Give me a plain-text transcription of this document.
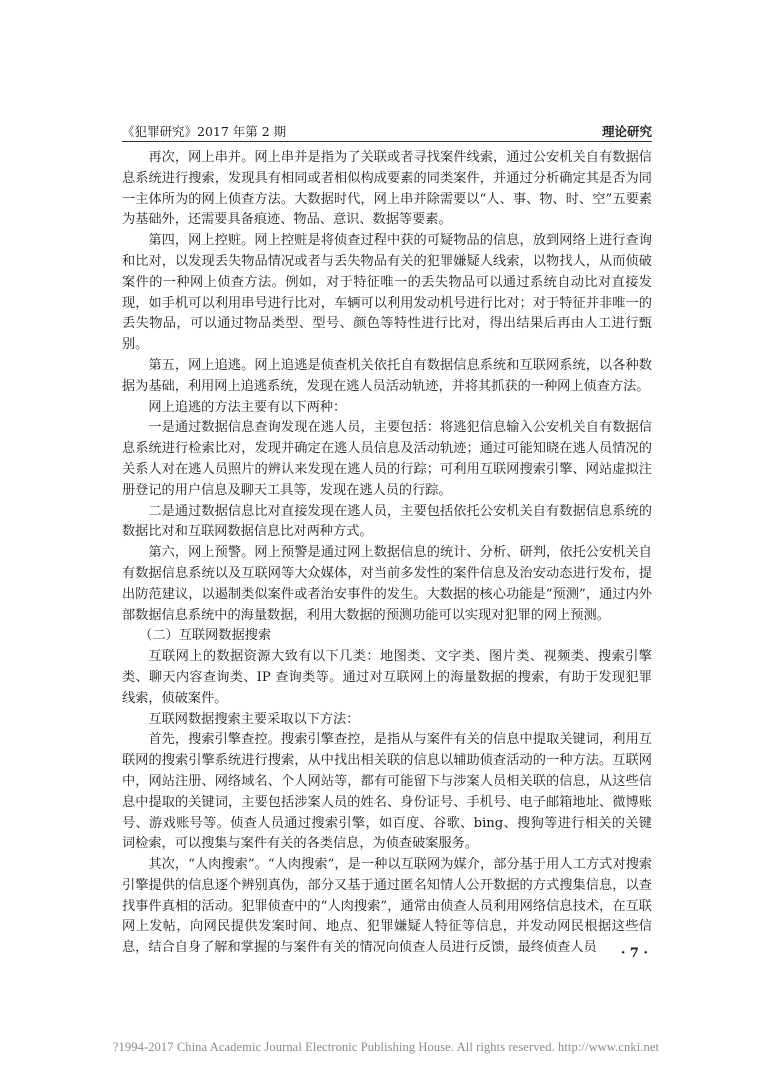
《犯罪研究》2017 年第 2 期	理论研究

再次，网上串并。网上串并是指为了关联或者寻找案件线索，通过公安机关自有数据信息系统进行搜索，发现具有相同或者相似构成要素的同类案件，并通过分析确定其是否为同一主体所为的网上侦查方法。大数据时代，网上串并除需要以“人、事、物、时、空”五要素为基础外，还需要具备痕迹、物品、意识、数据等要素。

第四，网上控赃。网上控赃是将侦查过程中获的可疑物品的信息，放到网络上进行查询和比对，以发现丢失物品情况或者与丢失物品有关的犯罪嫌疑人线索，以物找人，从而侦破案件的一种网上侦查方法。例如，对于特征唯一的丢失物品可以通过系统自动比对直接发现，如手机可以利用串号进行比对，车辆可以利用发动机号进行比对；对于特征并非唯一的丢失物品，可以通过物品类型、型号、颜色等特性进行比对，得出结果后再由人工进行甄别。

第五，网上追逃。网上追逃是侦查机关依托自有数据信息系统和互联网系统，以各种数据为基础，利用网上追逃系统，发现在逃人员活动轨迹，并将其抓获的一种网上侦查方法。

网上追逃的方法主要有以下两种：

一是通过数据信息查询发现在逃人员，主要包括：将逃犯信息输入公安机关自有数据信息系统进行检索比对，发现并确定在逃人员信息及活动轨迹；通过可能知晓在逃人员情况的关系人对在逃人员照片的辨认来发现在逃人员的行踪；可利用互联网搜索引擎、网站虚拟注册登记的用户信息及聊天工具等，发现在逃人员的行踪。

二是通过数据信息比对直接发现在逃人员，主要包括依托公安机关自有数据信息系统的数据比对和互联网数据信息比对两种方式。

第六，网上预警。网上预警是通过网上数据信息的统计、分析、研判，依托公安机关自有数据信息系统以及互联网等大众媒体，对当前多发性的案件信息及治安动态进行发布，提出防范建议，以遏制类似案件或者治安事件的发生。大数据的核心功能是“预测”，通过内外部数据信息系统中的海量数据，利用大数据的预测功能可以实现对犯罪的网上预测。

（二）互联网数据搜索

互联网上的数据资源大致有以下几类：地图类、文字类、图片类、视频类、搜索引擎类、聊天内容查询类、IP 查询类等。通过对互联网上的海量数据的搜索，有助于发现犯罪线索，侦破案件。

互联网数据搜索主要采取以下方法：

首先，搜索引擎查控。搜索引擎查控，是指从与案件有关的信息中提取关键词，利用互联网的搜索引擎系统进行搜索，从中找出相关联的信息以辅助侦查活动的一种方法。互联网中，网站注册、网络域名、个人网站等，都有可能留下与涉案人员相关联的信息，从这些信息中提取的关键词，主要包括涉案人员的姓名、身份证号、手机号、电子邮箱地址、微博账号、游戏账号等。侦查人员通过搜索引擎，如百度、谷歌、bing、搜狗等进行相关的关键词检索，可以搜集与案件有关的各类信息，为侦查破案服务。

其次，“人肉搜索”。“人肉搜索”，是一种以互联网为媒介，部分基于用人工方式对搜索引擎提供的信息逐个辨别真伪，部分又基于通过匿名知情人公开数据的方式搜集信息，以查找事件真相的活动。犯罪侦查中的“人肉搜索”，通常由侦查人员利用网络信息技术，在互联网上发帖，向网民提供发案时间、地点、犯罪嫌疑人特征等信息，并发动网民根据这些信息，结合自身了解和掌握的与案件有关的情况向侦查人员进行反馈，最终侦查人员	· 7 ·
?1994-2017 China Academic Journal Electronic Publishing House. All rights reserved. http://www.cnki.net
